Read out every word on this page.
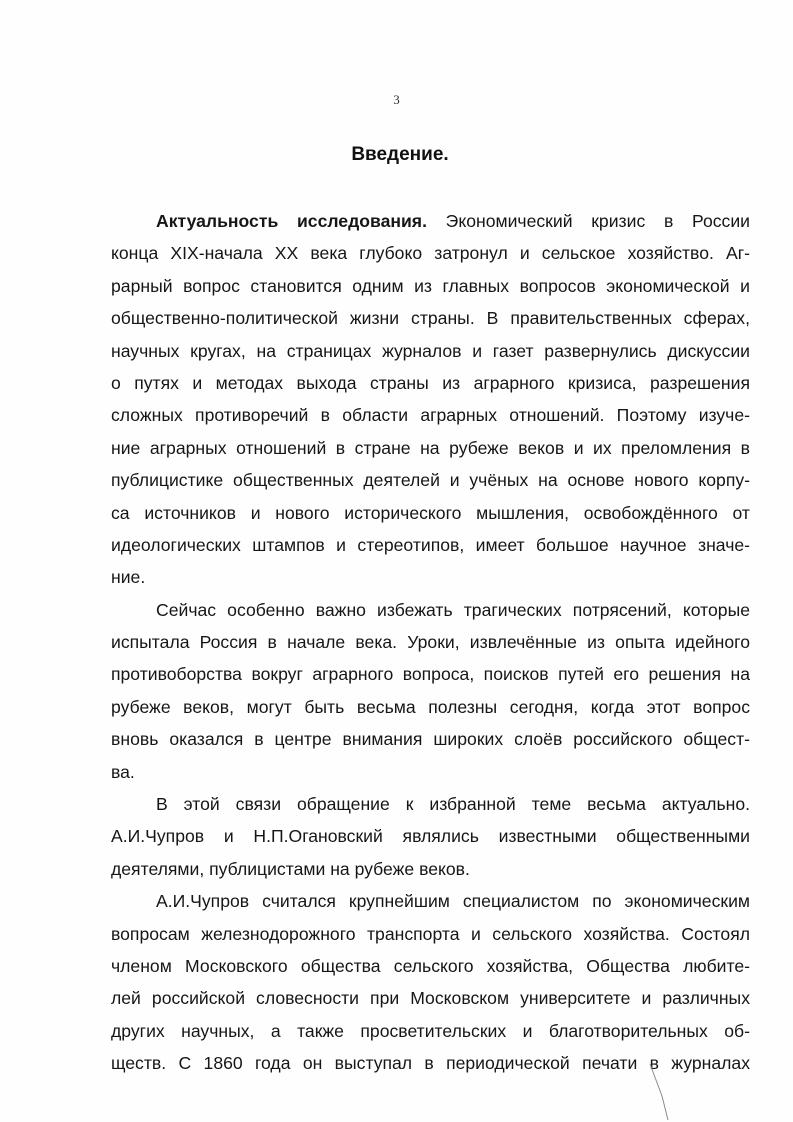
3
Введение.
Актуальность исследования. Экономический кризис в России
конца XIX-начала XX века глубоко затронул и сельское хозяйство. Аг-
рарный вопрос становится одним из главных вопросов экономической и
общественно-политической жизни страны. В правительственных сферах,
научных кругах, на страницах журналов и газет развернулись дискуссии
о путях и методах выхода страны из аграрного кризиса, разрешения
сложных противоречий в области аграрных отношений. Поэтому изуче-
ние аграрных отношений в стране на рубеже веков и их преломления в
публицистике общественных деятелей и учёных на основе нового корпу-
са источников и нового исторического мышления, освобождённого от
идеологических штампов и стереотипов, имеет большое научное значе-
ние.
Сейчас особенно важно избежать трагических потрясений, которые
испытала Россия в начале века. Уроки, извлечённые из опыта идейного
противоборства вокруг аграрного вопроса, поисков путей его решения на
рубеже веков, могут быть весьма полезны сегодня, когда этот вопрос
вновь оказался в центре внимания широких слоёв российского общест-
ва.
В этой связи обращение к избранной теме весьма актуально.
А.И.Чупров и Н.П.Огановский являлись известными общественными
деятелями, публицистами на рубеже веков.
А.И.Чупров считался крупнейшим специалистом по экономическим
вопросам железнодорожного транспорта и сельского хозяйства. Состоял
членом Московского общества сельского хозяйства, Общества любите-
лей российской словесности при Московском университете и различных
других научных, а также просветительских и благотворительных об-
ществ. С 1860 года он выступал в периодической печати в журналах
